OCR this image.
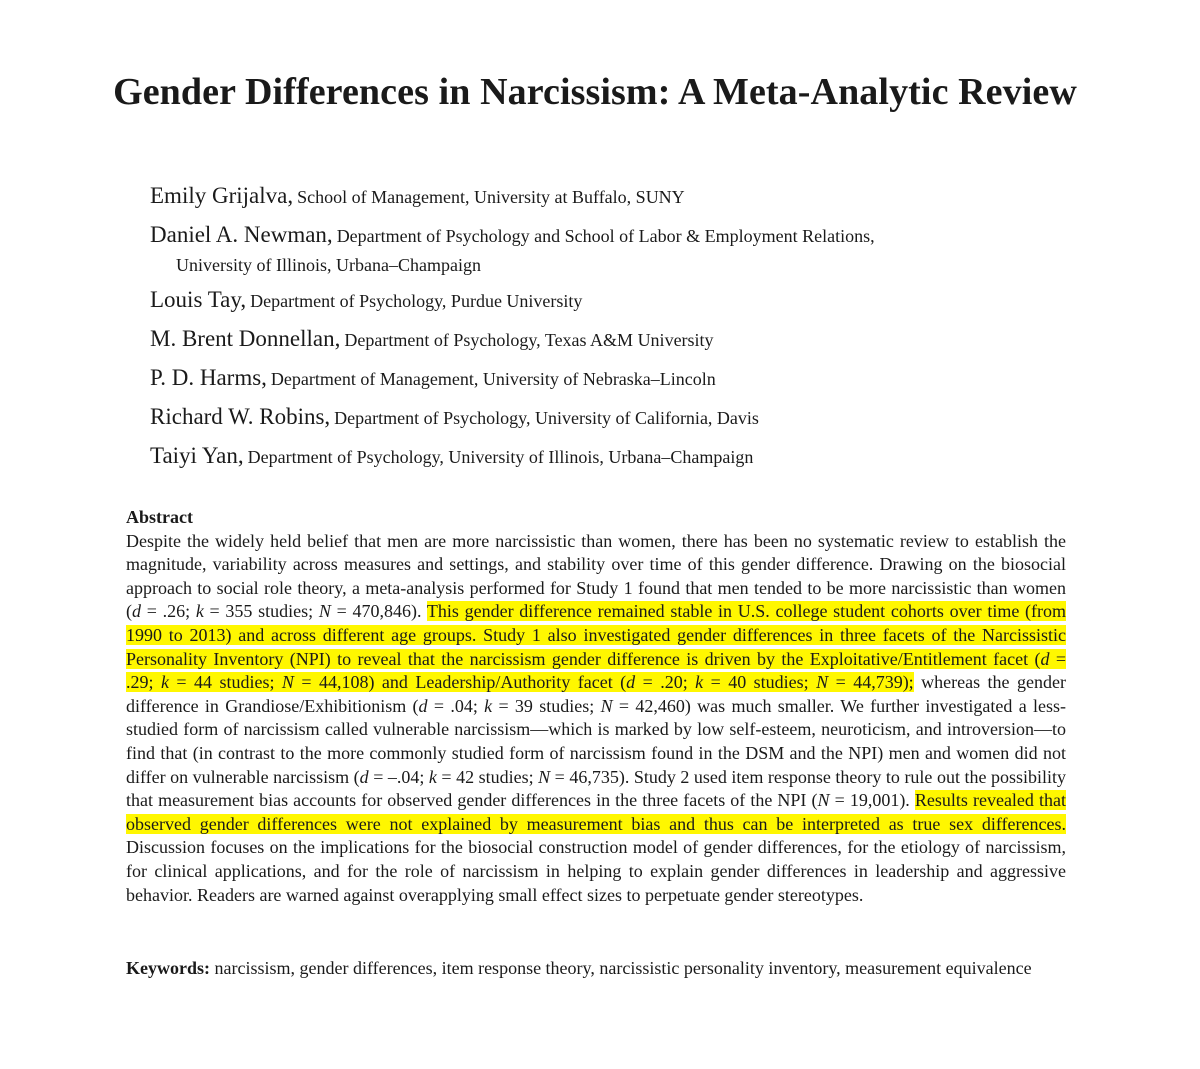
Gender Differences in Narcissism: A Meta-Analytic Review
Emily Grijalva, School of Management, University at Buffalo, SUNY
Daniel A. Newman, Department of Psychology and School of Labor & Employment Relations,
University of Illinois, Urbana–Champaign
Louis Tay, Department of Psychology, Purdue University
M. Brent Donnellan, Department of Psychology, Texas A&M University
P. D. Harms, Department of Management, University of Nebraska–Lincoln
Richard W. Robins, Department of Psychology, University of California, Davis
Taiyi Yan, Department of Psychology, University of Illinois, Urbana–Champaign
Abstract
Despite the widely held belief that men are more narcissistic than women, there has been no systematic review to establish the magnitude, variability across measures and settings, and stability over time of this gender difference. Drawing on the biosocial approach to social role theory, a meta-analysis performed for Study 1 found that men tended to be more narcissistic than women (d = .26; k = 355 studies; N = 470,846). This gender difference remained stable in U.S. college student cohorts over time (from 1990 to 2013) and across different age groups. Study 1 also investigated gender differences in three facets of the Narcissistic Personality Inventory (NPI) to reveal that the narcissism gender difference is driven by the Exploitative/Entitlement facet (d = .29; k = 44 studies; N = 44,108) and Leadership/Authority facet (d = .20; k = 40 studies; N = 44,739); whereas the gender difference in Grandiose/Exhibitionism (d = .04; k = 39 studies; N = 42,460) was much smaller. We further investigated a less-studied form of narcissism called vulnerable narcissism—which is marked by low self-esteem, neuroticism, and introversion—to find that (in contrast to the more commonly studied form of narcissism found in the DSM and the NPI) men and women did not differ on vulnerable narcissism (d = –.04; k = 42 studies; N = 46,735). Study 2 used item response theory to rule out the possibility that measurement bias accounts for observed gender differences in the three facets of the NPI (N = 19,001). Results revealed that observed gender differences were not explained by measurement bias and thus can be interpreted as true sex differences. Discussion focuses on the implications for the biosocial construction model of gender differences, for the etiology of narcissism, for clinical applications, and for the role of narcissism in helping to explain gender differences in leadership and aggressive behavior. Readers are warned against overapplying small effect sizes to perpetuate gender stereotypes.
Keywords: narcissism, gender differences, item response theory, narcissistic personality inventory, measurement equivalence
